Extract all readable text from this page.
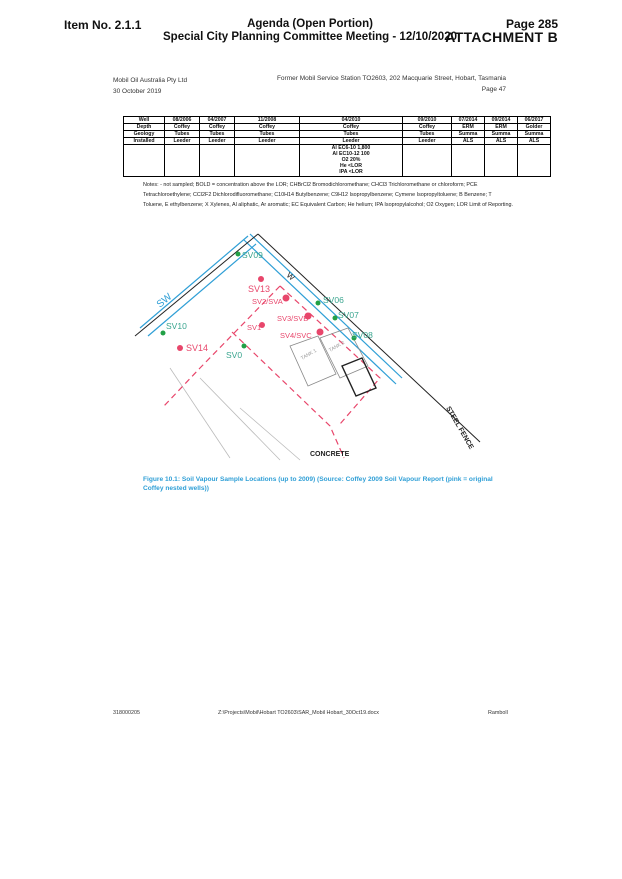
Item No. 2.1.1	Agenda (Open Portion)
Special City Planning Committee Meeting - 12/10/2020
Page 285
ATTACHMENT B
Mobil Oil Australia Pty Ltd
30 October 2019
Former Mobil Service Station TO2603, 202 Macquarie Street, Hobart, Tasmania
Page 47
Well	08/2006	04/2007	11/2008	04/2010	09/2010	07/2014	09/2014	06/2017
Depth	Coffey	Coffey	Coffey	Coffey	Coffey	ERM	ERM	Golder
Geology	Tubes	Tubes	Tubes	Tubes	Tubes	Summa	Summa	Summa
Installed	Leeder	Leeder	Leeder	Leeder	Leeder	ALS	ALS	ALS

				Al EC6-10 1,800
Al EC10-12 100
O2 20%
He <LOR
IPA <LOR				

Notes: - not sampled; BOLD = concentration above the LOR; CHBrCl2 Bromodichloromethane; CHCl3 Trichloromethane or chloroform; PCE Tetrachloroethylene; CCl2F2 Dichlorodifluoromethane; C10H14 Butylbenzene; C9H12 Isopropylbenzene; Cymene Isopropyltoluene; B Benzene; T Toluene, E ethylbenzene; X Xylenes, Al aliphatic, Ar aromatic; EC Equivalent Carbon; He helium; IPA Isopropylalcohol; O2 Oxygen; LOR Limit of Reporting.
TANK 1
TANK 2
SV13
SV2/SVA
SV3/SVB
SV1
SV4/SVC
SV14
SV09
SV06
SV07
SV08
SV10
SV0
SW
W
STEEL FENCE
CONCRETE
Figure 10.1: Soil Vapour Sample Locations (up to 2009) (Source: Coffey 2009 Soil Vapour Report (pink = original Coffey nested wells))
318000205	Z:\Projects\Mobil\Hobart TO2603\SAR_Mobil Hobart_30Oct19.docx	Ramboll
